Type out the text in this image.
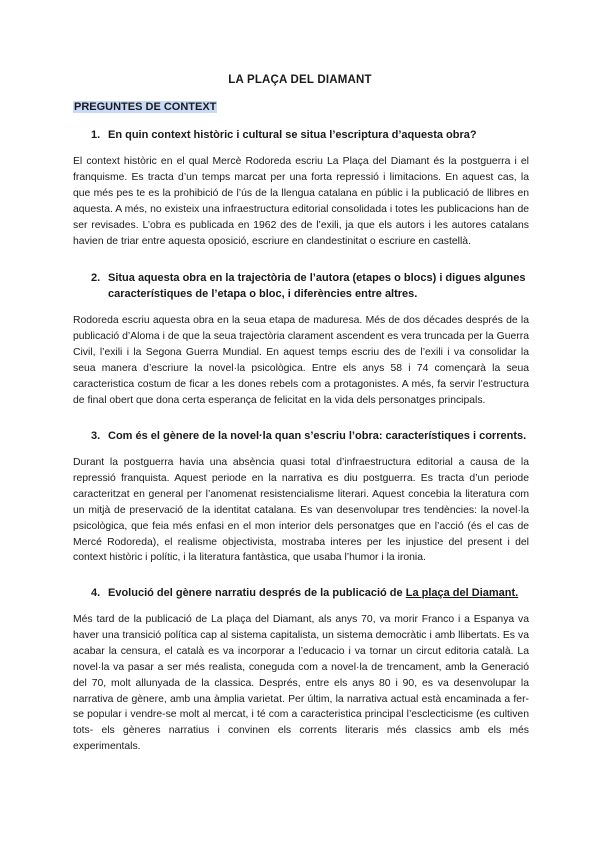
LA PLAÇA DEL DIAMANT
PREGUNTES DE CONTEXT
1. En quin context històric i cultural se situa l’escriptura d’aquesta obra?

El context històric en el qual Mercè Rodoreda escriu La Plaça del Diamant és la postguerra i el franquisme. Es tracta d’un temps marcat per una forta repressió i limitacions. En aquest cas, la que més pes te es la prohibició de l’ús de la llengua catalana en públic i la publicació de llibres en aquesta. A més, no existeix una infraestructura editorial consolidada i totes les publicacions han de ser revisades. L’obra es publicada en 1962 des de l’exili, ja que els autors i les autores catalans havien de triar entre aquesta oposició, escriure en clandestinitat o escriure en castellà.

2. Situa aquesta obra en la trajectòria de l’autora (etapes o blocs) i digues algunes característiques de l’etapa o bloc, i diferències entre altres.

Rodoreda escriu aquesta obra en la seua etapa de maduresa. Més de dos décades després de la publicació d’Aloma i de que la seua trajectòria clarament ascendent es vera truncada per la Guerra Civil, l’exili i la Segona Guerra Mundial. En aquest temps escriu des de l’exili i va consolidar la seua manera d’escriure la novel·la psicològica. Entre els anys 58 i 74 començarà la seua caracteristica costum de ficar a les dones rebels com a protagonistes. A més, fa servir l’estructura de final obert que dona certa esperança de felicitat en la vida dels personatges principals.

3. Com és el gènere de la novel·la quan s’escriu l’obra: característiques i corrents.

Durant la postguerra havia una absència quasi total d’infraestructura editorial a causa de la repressió franquista. Aquest periode en la narrativa es diu postguerra. Es tracta d’un periode caracteritzat en general per l’anomenat resistencialisme literari. Aquest concebia la literatura com un mitjà de preservació de la identitat catalana. Es van desenvolupar tres tendències: la novel·la psicològica, que feia més enfasi en el mon interior dels personatges que en l’acció (és el cas de Mercé Rodoreda), el realisme objectivista, mostraba interes per les injustice del present i del context històric i polític, i la literatura fantàstica, que usaba l’humor i la ironia.

4. Evolució del gènere narratiu després de la publicació de La plaça del Diamant.

Més tard de la publicació de La plaça del Diamant, als anys 70, va morir Franco i a Espanya va haver una transició política cap al sistema capitalista, un sistema democràtic i amb llibertats. Es va acabar la censura, el català es va incorporar a l’educacio i va tornar un circut editoria català. La novel·la va pasar a ser més realista, coneguda com a novel·la de trencament, amb la Generació del 70, molt allunyada de la classica. Després, entre els anys 80 i 90, es va desenvolupar la narrativa de gènere, amb una àmplia varietat. Per últim, la narrativa actual està encaminada a fer-se popular i vendre-se molt al mercat, i té com a caracteristica principal l’esclecticisme (es cultiven tots- els gèneres narratius i convinen els corrents literaris més classics amb els més experimentals.
